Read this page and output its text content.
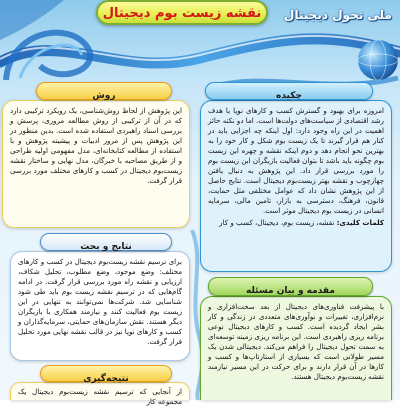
نقشه زیست بوم دیجیتال	ملی تحول دیجیتال
چکیده

امروزه برای بهبود و گسترش کسب و کارهای نوپا با هدف رشد اقتصادی از سیاست‌های دولت‌ها است. اما دو نکته حائز اهمیت در این راه وجود دارد: اول اینکه چه اجزایی باید در کنار هم قرار گیرند تا یک زیست بوم شکل و کار خود را به بهترین نحو انجام دهد و دوم اینکه نقشه و چهره این زیست بوم چگونه باید باشد تا بتوان فعالیت بازیگران این زیست بوم را مورد بررسی قرار داد. این پژوهش به دنبال یافتن چهارچوب و نقشه بهتر زیست‌بوم دیجیتال است. نتایج حاصل از این پژوهش نشان داد که عوامل مختلفی مثل حمایت، قانون، فرهنگ، دسترسی به بازار، تامین مالی، سرمایه انسانی در زیست بوم دیجیتال موثر است.

کلمات کلیدی: نقشه، زیست بوم، دیجیتال، کسب و کار

مقدمه و بیان مسئله

با پیشرفت فناوری‌های دیجیتال از بعد سخت‌افزاری و نرم‌افزاری، تغییرات و نوآوری‌های متعددی در زندگی و کار بشر ایجاد گردیده است. کسب و کارهای دیجیتال نوعی برنامه ریزی راهبردی است. این برنامه ریزی زمینه توسعه‌ای به سمت تحول دیجیتال را فراهم می‌کند. دیجیتالی شدن یک مسیر طولانی است که بسیاری از استارتاپ‌ها و کسب و کارها در آن قرار دارند و برای حرکت در این مسیر نیازمند نقشه زیست‌بوم دیجیتال هستند.

روش

این پژوهش از لحاظ روش‌شناسی، یک رویکرد ترکیبی دارد که در آن از ترکیبی از روش مطالعه مروری، پرسش و بررسی اسناد راهبردی استفاده شده است. بدین منظور در این پژوهش پس از مرور ادبیات و پیشینه پژوهش و با استفاده از مطالعه کتابخانه‌ای، مدل مفهومی اولیه طراحی و از طریق مصاحبه با خبرگان، مدل نهایی و ساختار نقشه زیست‌بوم دیجیتال در کسب و کارهای مختلف مورد بررسی قرار گرفت.

نتایج و بحث

برای ترسیم نقشه زیست‌بوم دیجیتال در کسب و کارهای مختلف: وضع موجود، وضع مطلوب، تحلیل شکاف، ارزیابی و نقشه راه مورد بررسی قرار گرفت. در ادامه گام‌هایی که در ترسیم نقشه زیست بوم باید طی شود شناسایی شد. شرکت‌ها نمی‌توانند به تنهایی در این زیست بوم فعالیت کنند و نیازمند همکاری با بازیگران دیگر هستند. نقش سازمان‌های حمایتی، سرمایه‌گذاران و کسب و کارهای نوپا نیز در قالب نقشه نهایی مورد تحلیل قرار گرفت.

نتیجه‌گیری

از آنجایی که ترسیم نقشه زیست‌بوم دیجیتال یک مجموعه کار
